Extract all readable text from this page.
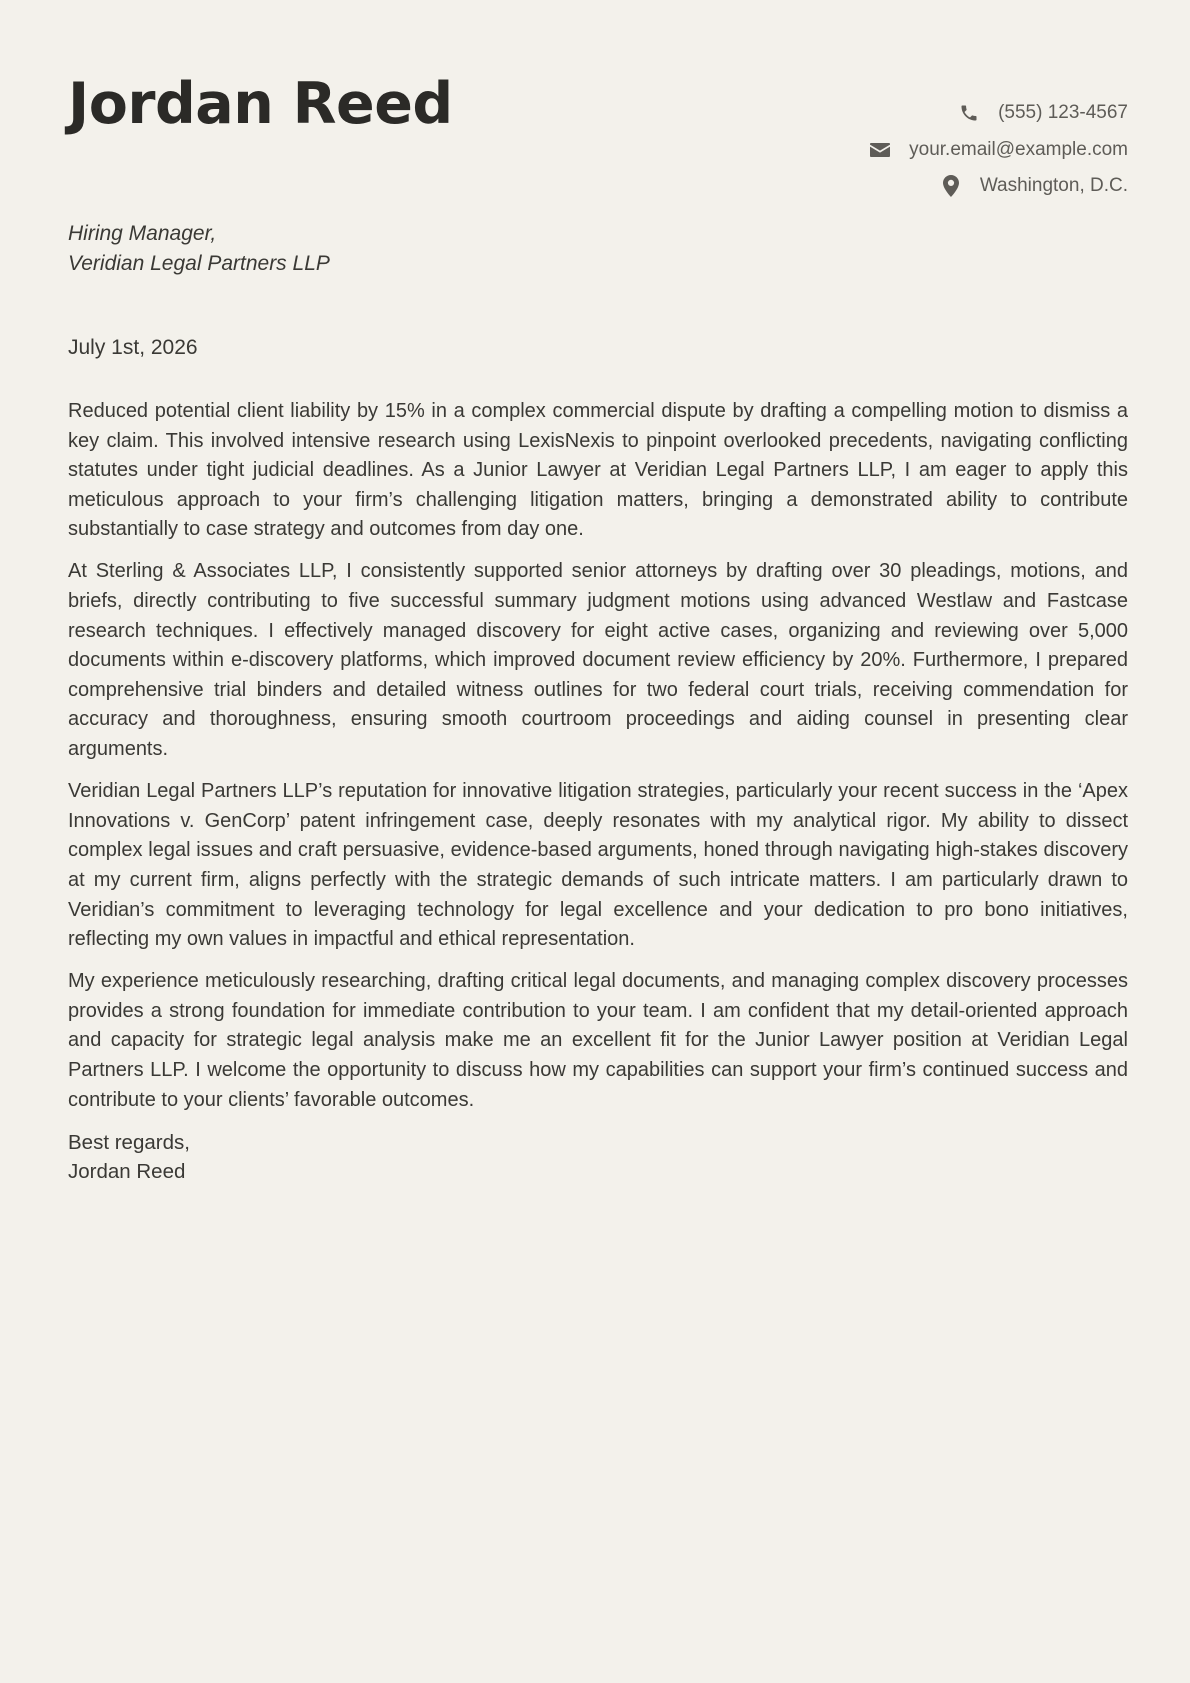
Jordan Reed	(555) 123-4567
your.email@example.com
Washington, D.C.
Hiring Manager,
Veridian Legal Partners LLP
July 1st, 2026

Reduced potential client liability by 15% in a complex commercial dispute by drafting a compelling motion to dismiss a key claim. This involved intensive research using LexisNexis to pinpoint overlooked precedents, navigating conflicting statutes under tight judicial deadlines. As a Junior Lawyer at Veridian Legal Partners LLP, I am eager to apply this meticulous approach to your firm’s challenging litigation matters, bringing a demonstrated ability to contribute substantially to case strategy and outcomes from day one.

At Sterling & Associates LLP, I consistently supported senior attorneys by drafting over 30 pleadings, motions, and briefs, directly contributing to five successful summary judgment motions using advanced Westlaw and Fastcase research techniques. I effectively managed discovery for eight active cases, organizing and reviewing over 5,000 documents within e-discovery platforms, which improved document review efficiency by 20%. Furthermore, I prepared comprehensive trial binders and detailed witness outlines for two federal court trials, receiving commendation for accuracy and thoroughness, ensuring smooth courtroom proceedings and aiding counsel in presenting clear arguments.

Veridian Legal Partners LLP’s reputation for innovative litigation strategies, particularly your recent success in the ‘Apex Innovations v. GenCorp’ patent infringement case, deeply resonates with my analytical rigor. My ability to dissect complex legal issues and craft persuasive, evidence-based arguments, honed through navigating high-stakes discovery at my current firm, aligns perfectly with the strategic demands of such intricate matters. I am particularly drawn to Veridian’s commitment to leveraging technology for legal excellence and your dedication to pro bono initiatives, reflecting my own values in impactful and ethical representation.

My experience meticulously researching, drafting critical legal documents, and managing complex discovery processes provides a strong foundation for immediate contribution to your team. I am confident that my detail-oriented approach and capacity for strategic legal analysis make me an excellent fit for the Junior Lawyer position at Veridian Legal Partners LLP. I welcome the opportunity to discuss how my capabilities can support your firm’s continued success and contribute to your clients’ favorable outcomes.

Best regards,
Jordan Reed
